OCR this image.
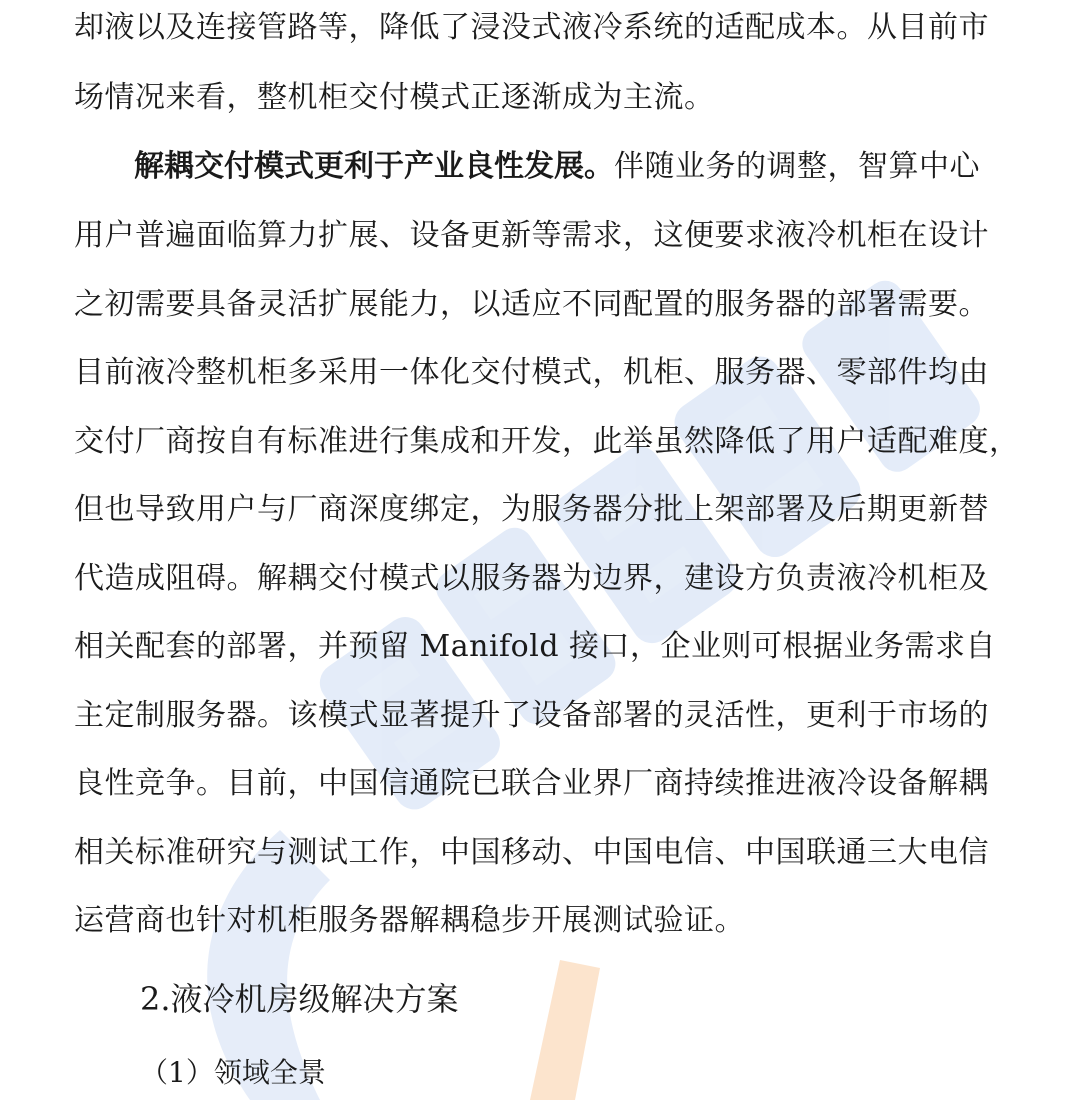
却液以及连接管路等，降低了浸没式液冷系统的适配成本。从目前市
场情况来看，整机柜交付模式正逐渐成为主流。
解耦交付模式更利于产业良性发展。伴随业务的调整，智算中心
用户普遍面临算力扩展、设备更新等需求，这便要求液冷机柜在设计
之初需要具备灵活扩展能力，以适应不同配置的服务器的部署需要。
目前液冷整机柜多采用一体化交付模式，机柜、服务器、零部件均由
交付厂商按自有标准进行集成和开发，此举虽然降低了用户适配难度，
但也导致用户与厂商深度绑定，为服务器分批上架部署及后期更新替
代造成阻碍。解耦交付模式以服务器为边界，建设方负责液冷机柜及
相关配套的部署，并预留 Manifold 接口，企业则可根据业务需求自
主定制服务器。该模式显著提升了设备部署的灵活性，更利于市场的
良性竞争。目前，中国信通院已联合业界厂商持续推进液冷设备解耦
相关标准研究与测试工作，中国移动、中国电信、中国联通三大电信
运营商也针对机柜服务器解耦稳步开展测试验证。
2.液冷机房级解决方案
（1）领域全景
